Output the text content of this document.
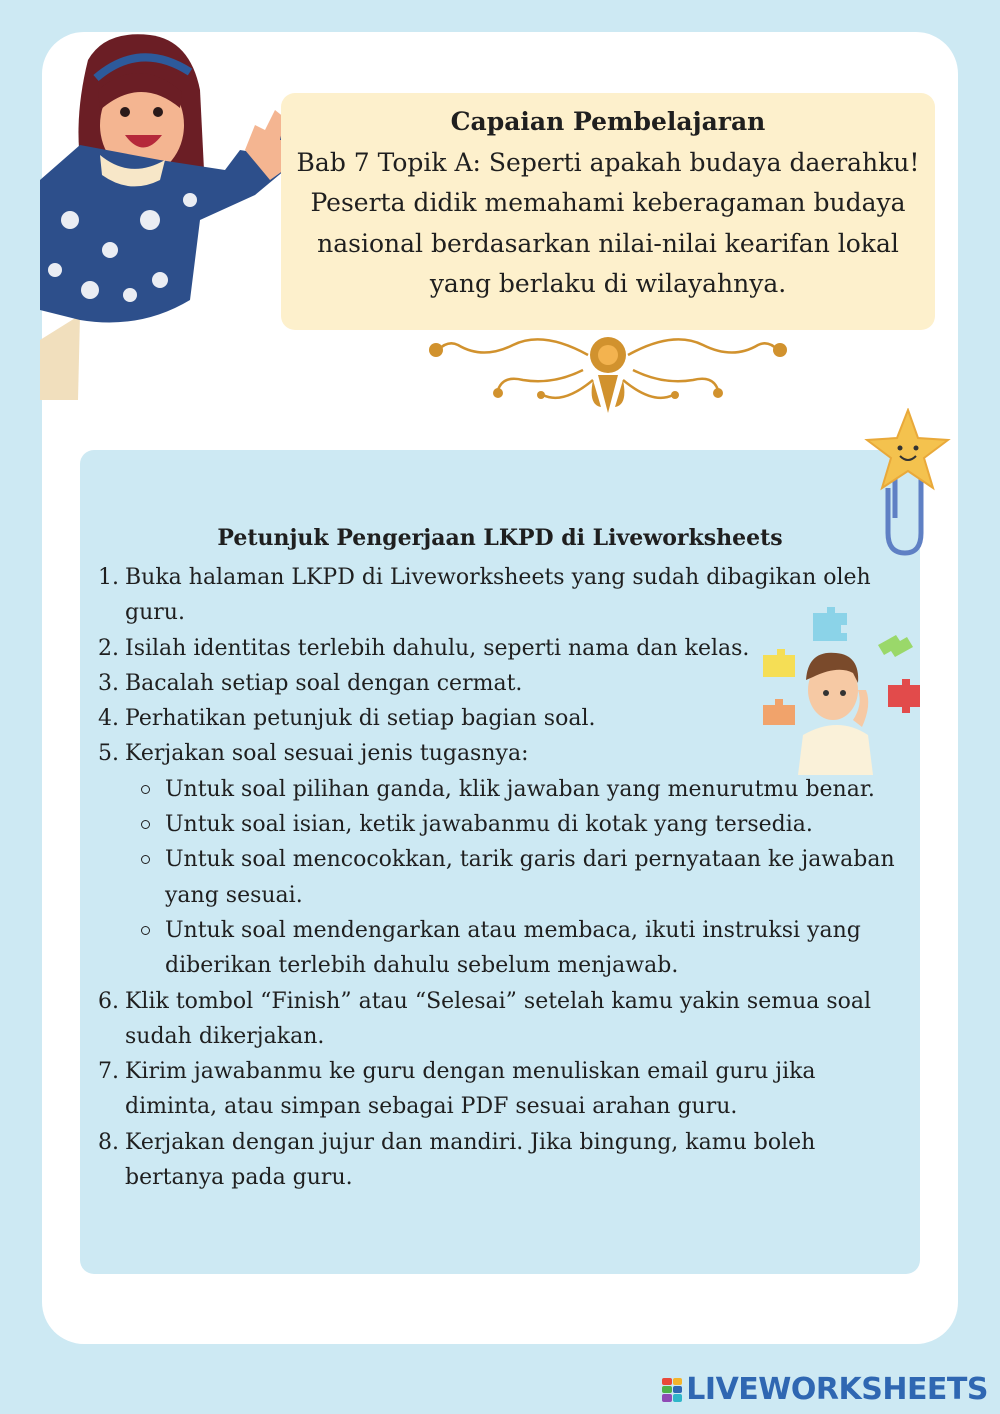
Capaian Pembelajaran
Bab 7 Topik A: Seperti apakah budaya daerahku!
Peserta didik memahami keberagaman budaya
nasional berdasarkan nilai-nilai kearifan lokal
yang berlaku di wilayahnya.
Petunjuk Pengerjaan LKPD di Liveworksheets
1. Buka halaman LKPD di Liveworksheets yang sudah dibagikan oleh guru.
2. Isilah identitas terlebih dahulu, seperti nama dan kelas.
3. Bacalah setiap soal dengan cermat.
4. Perhatikan petunjuk di setiap bagian soal.
5. Kerjakan soal sesuai jenis tugasnya:
Untuk soal pilihan ganda, klik jawaban yang menurutmu benar.
Untuk soal isian, ketik jawabanmu di kotak yang tersedia.
Untuk soal mencocokkan, tarik garis dari pernyataan ke jawaban yang sesuai.
Untuk soal mendengarkan atau membaca, ikuti instruksi yang diberikan terlebih dahulu sebelum menjawab.
6. Klik tombol “Finish” atau “Selesai” setelah kamu yakin semua soal sudah dikerjakan.
7. Kirim jawabanmu ke guru dengan menuliskan email guru jika diminta, atau simpan sebagai PDF sesuai arahan guru.
8. Kerjakan dengan jujur dan mandiri. Jika bingung, kamu boleh bertanya pada guru.
LIVEWORKSHEETS
